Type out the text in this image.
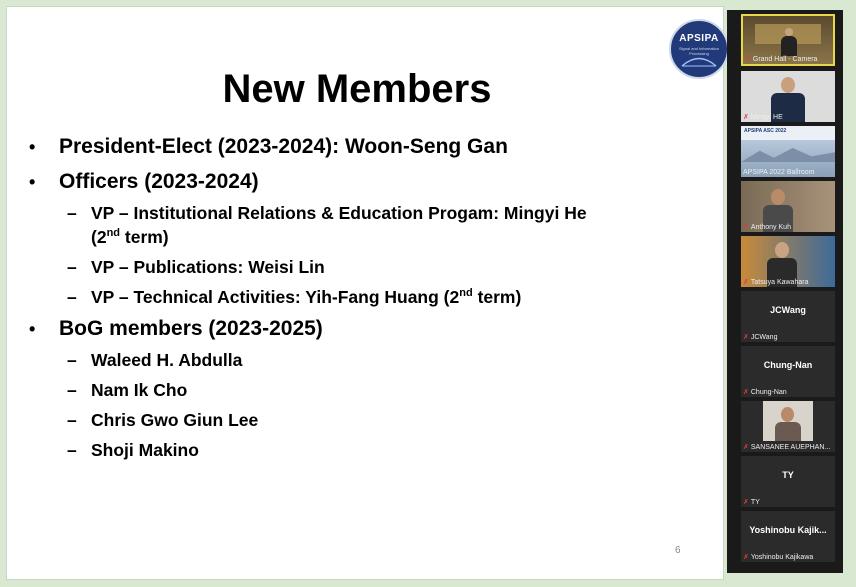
APSIPA
Signal and Information Processing
New Members
• President-Elect (2023-2024): Woon-Seng Gan
• Officers (2023-2024)
– VP – Institutional Relations & Education Progam: Mingyi He
(2nd term)
– VP – Publications: Weisi Lin
– VP – Technical Activities: Yih-Fang Huang (2nd term)
• BoG members (2023-2025)
– Waleed H. Abdulla
– Nam Ik Cho
– Chris Gwo Giun Lee
– Shoji Makino
6
✗ Grand Hall - Camera
✗ Mingyi HE
APSIPA ASC 2022
APSIPA 2022 Ballroom
✗ Anthony Kuh
✗ Tatsuya Kawahara
JCWang
✗ JCWang
Chung-Nan
✗ Chung-Nan
✗ SANSANEE AUEPHAN...
TY
✗ TY
Yoshinobu Kajik...
✗ Yoshinobu Kajikawa
